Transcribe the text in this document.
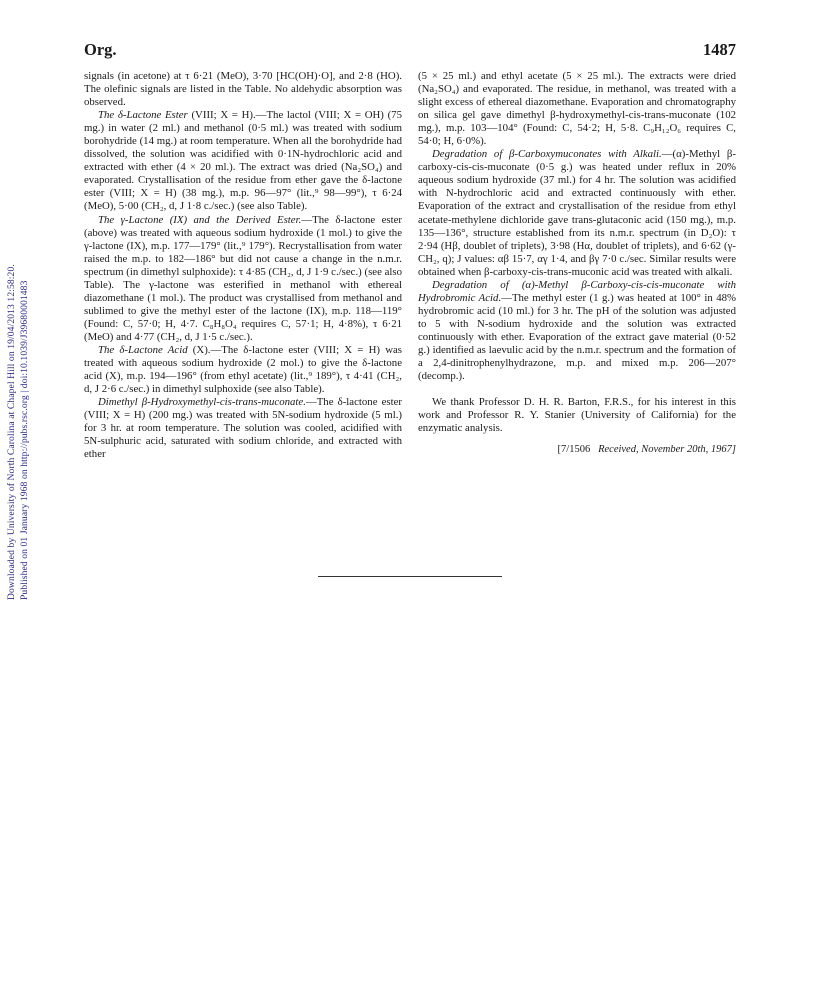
Downloaded by University of North Carolina at Chapel Hill on 19/04/2013 12:58:20. Published on 01 January 1968 on http://pubs.rsc.org | doi:10.1039/J39680001483
Org.	1487

signals (in acetone) at τ 6·21 (MeO), 3·70 [HC(OH)·O], and 2·8 (HO). The olefinic signals are listed in the Table. No aldehydic absorption was observed.

The δ-Lactone Ester (VIII; X = H).—The lactol (VIII; X = OH) (75 mg.) in water (2 ml.) and methanol (0·5 ml.) was treated with sodium borohydride (14 mg.) at room temperature. When all the borohydride had dissolved, the solution was acidified with 0·1N-hydrochloric acid and extracted with ether (4 × 20 ml.). The extract was dried (Na₂SO₄) and evaporated. Crystallisation of the residue from ether gave the δ-lactone ester (VIII; X = H) (38 mg.), m.p. 96—97° (lit.,⁹ 98—99°), τ 6·24 (MeO), 5·00 (CH₂, d, J 1·8 c./sec.) (see also Table).

The γ-Lactone (IX) and the Derived Ester.—The δ-lactone ester (above) was treated with aqueous sodium hydroxide (1 mol.) to give the γ-lactone (IX), m.p. 177—179° (lit.,⁹ 179°). Recrystallisation from water raised the m.p. to 182—186° but did not cause a change in the n.m.r. spectrum (in dimethyl sulphoxide): τ 4·85 (CH₂, d, J 1·9 c./sec.) (see also Table). The γ-lactone was esterified in methanol with ethereal diazomethane (1 mol.). The product was crystallised from methanol and sublimed to give the methyl ester of the lactone (IX), m.p. 118—119° (Found: C, 57·0; H, 4·7. C₈H₈O₄ requires C, 57·1; H, 4·8%), τ 6·21 (MeO) and 4·77 (CH₂, d, J 1·5 c./sec.).

The δ-Lactone Acid (X).—The δ-lactone ester (VIII; X = H) was treated with aqueous sodium hydroxide (2 mol.) to give the δ-lactone acid (X), m.p. 194—196° (from ethyl acetate) (lit.,⁹ 189°), τ 4·41 (CH₂, d, J 2·6 c./sec.) in dimethyl sulphoxide (see also Table).

Dimethyl β-Hydroxymethyl-cis-trans-muconate.—The δ-lactone ester (VIII; X = H) (200 mg.) was treated with 5N-sodium hydroxide (5 ml.) for 3 hr. at room temperature. The solution was cooled, acidified with 5N-sulphuric acid, saturated with sodium chloride, and extracted with ether

(5 × 25 ml.) and ethyl acetate (5 × 25 ml.). The extracts were dried (Na₂SO₄) and evaporated. The residue, in methanol, was treated with a slight excess of ethereal diazomethane. Evaporation and chromatography on silica gel gave dimethyl β-hydroxymethyl-cis-trans-muconate (102 mg.), m.p. 103—104° (Found: C, 54·2; H, 5·8. C₉H₁₂O₆ requires C, 54·0; H, 6·0%).

Degradation of β-Carboxymuconates with Alkali.—(α)-Methyl β-carboxy-cis-cis-muconate (0·5 g.) was heated under reflux in 20% aqueous sodium hydroxide (37 ml.) for 4 hr. The solution was acidified with N-hydrochloric acid and extracted continuously with ether. Evaporation of the extract and crystallisation of the residue from ethyl acetate-methylene dichloride gave trans-glutaconic acid (150 mg.), m.p. 135—136°, structure established from its n.m.r. spectrum (in D₂O): τ 2·94 (Hβ, doublet of triplets), 3·98 (Hα, doublet of triplets), and 6·62 (γ-CH₂, q); J values: αβ 15·7, αγ 1·4, and βγ 7·0 c./sec. Similar results were obtained when β-carboxy-cis-trans-muconic acid was treated with alkali.

Degradation of (α)-Methyl β-Carboxy-cis-cis-muconate with Hydrobromic Acid.—The methyl ester (1 g.) was heated at 100° in 48% hydrobromic acid (10 ml.) for 3 hr. The pH of the solution was adjusted to 5 with N-sodium hydroxide and the solution was extracted continuously with ether. Evaporation of the extract gave material (0·52 g.) identified as laevulic acid by the n.m.r. spectrum and the formation of a 2,4-dinitrophenylhydrazone, m.p. and mixed m.p. 206—207° (decomp.).

We thank Professor D. H. R. Barton, F.R.S., for his interest in this work and Professor R. Y. Stanier (University of California) for the enzymatic analysis.

[7/1506 Received, November 20th, 1967]
